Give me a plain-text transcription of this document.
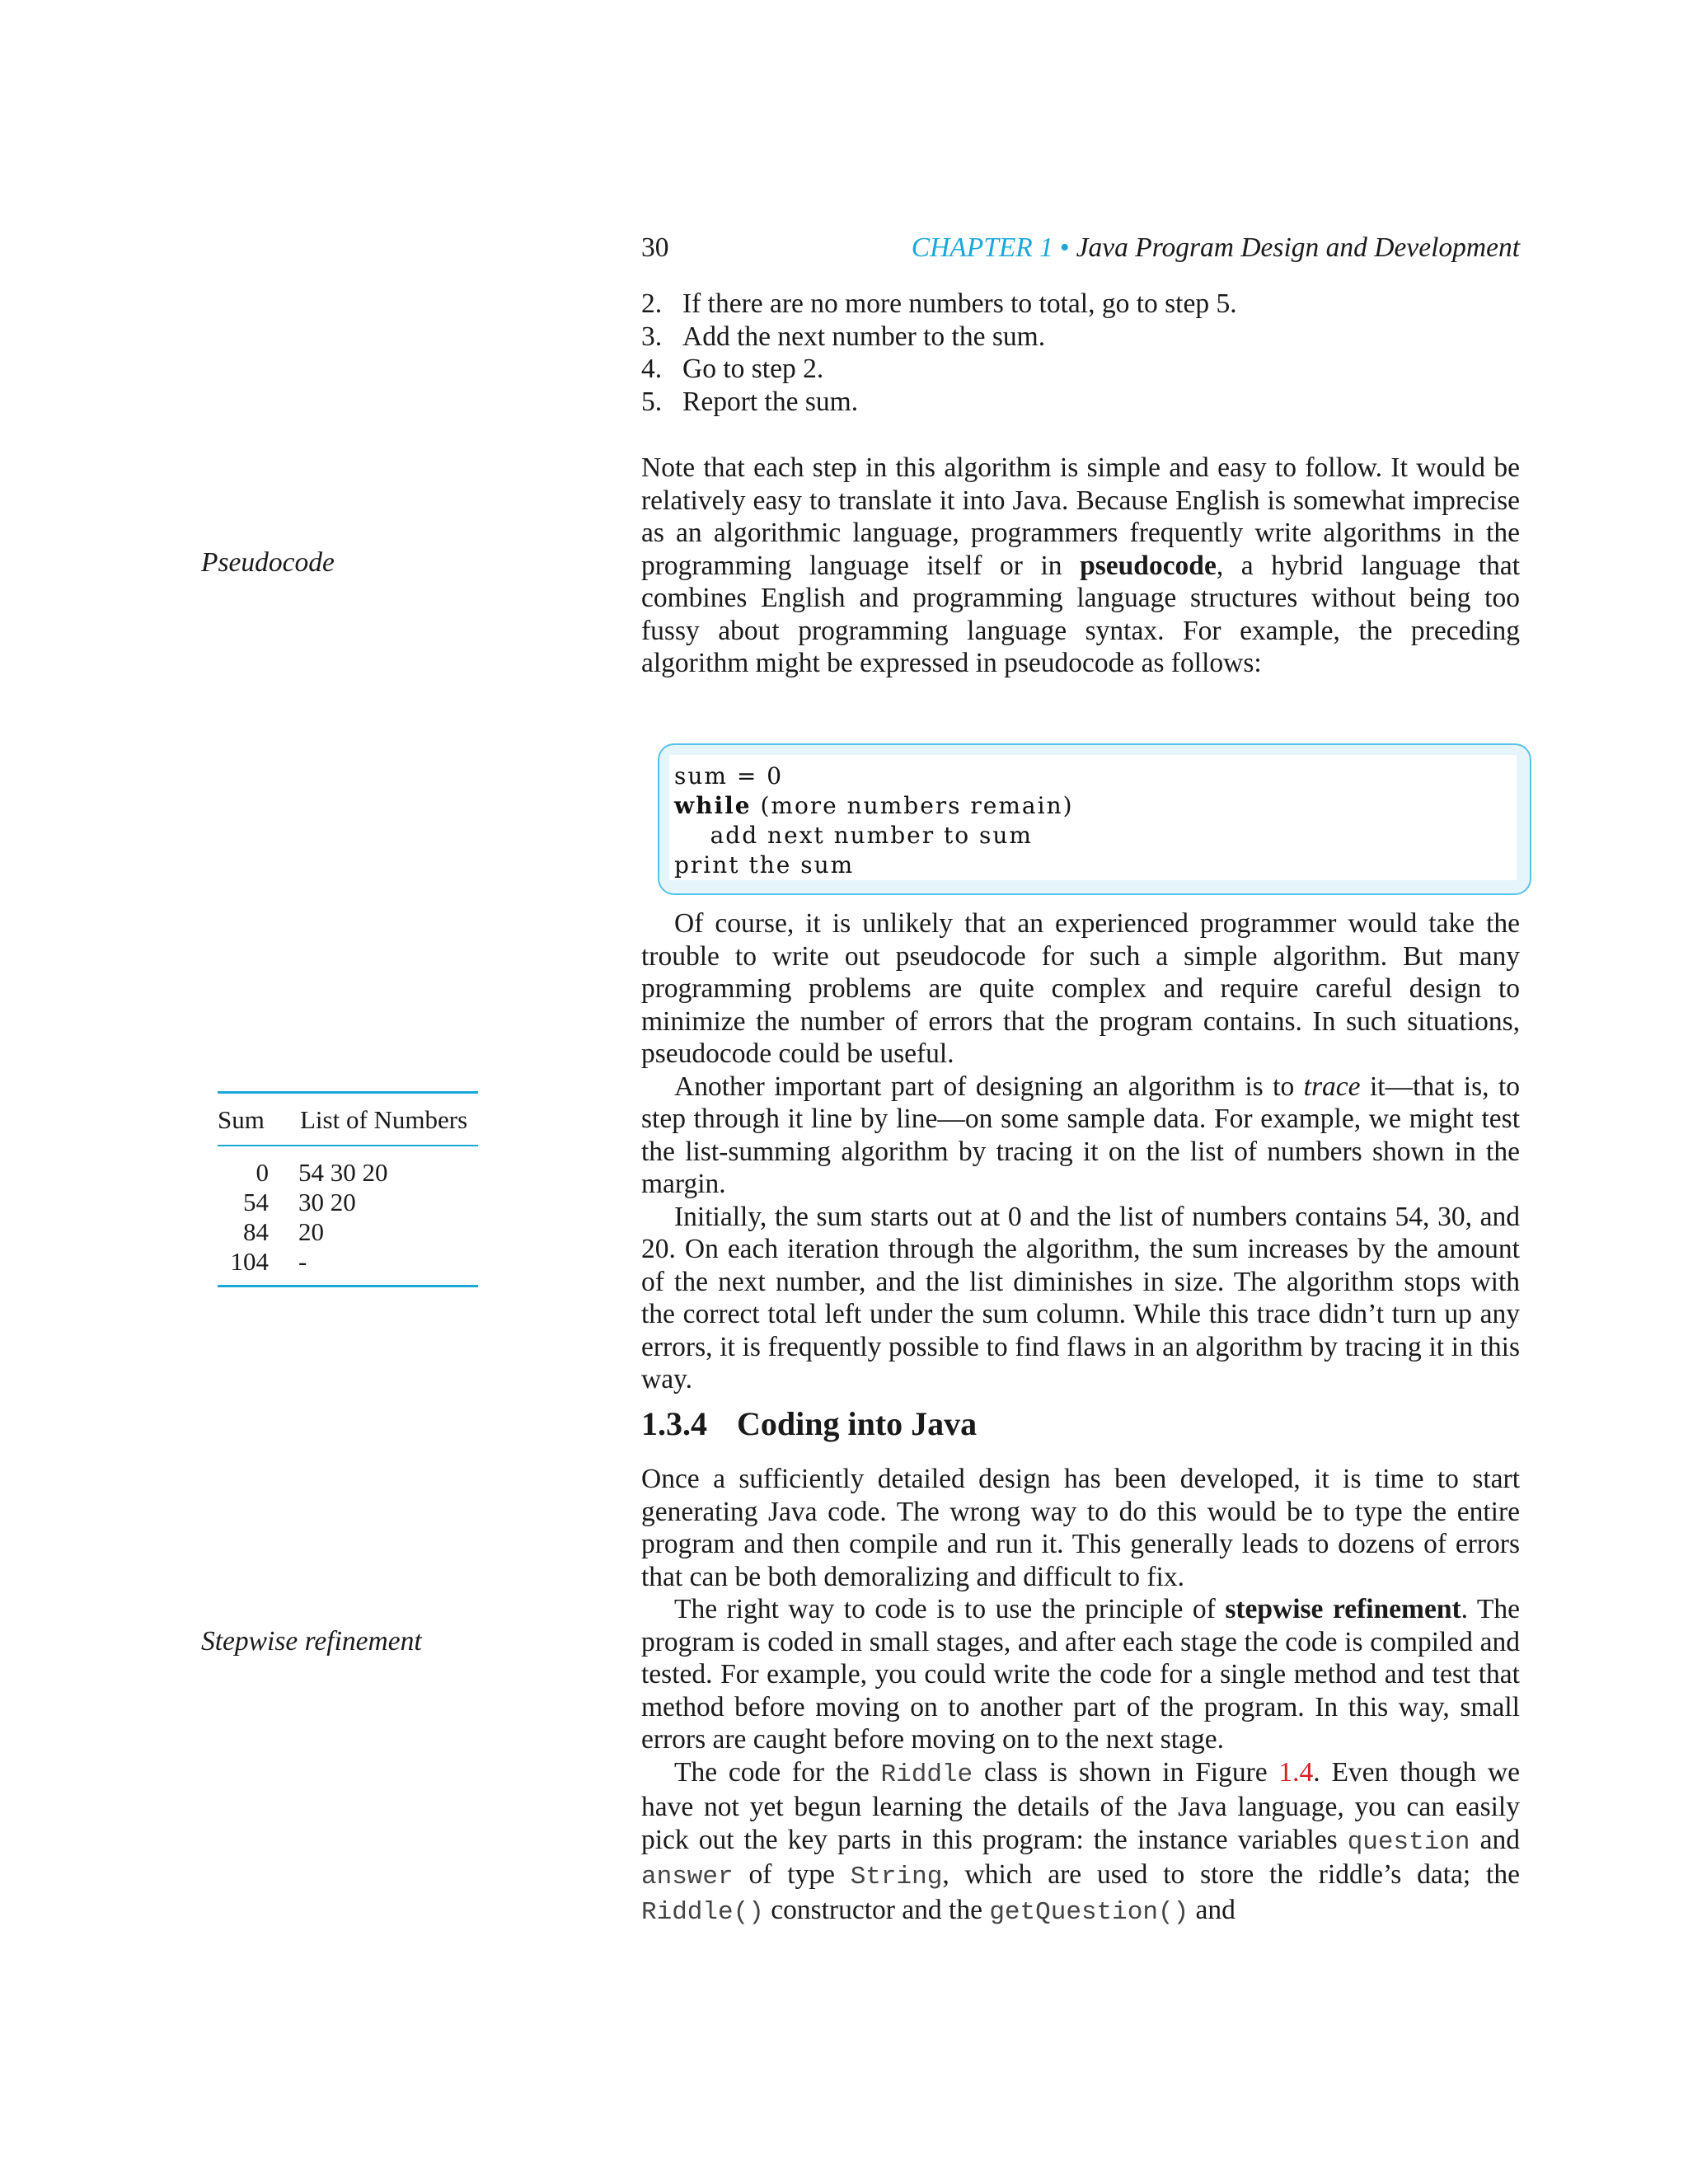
30	CHAPTER 1 • Java Program Design and Development
2. If there are no more numbers to total, go to step 5.
3. Add the next number to the sum.
4. Go to step 2.
5. Report the sum.
Pseudocode
Stepwise refinement

Note that each step in this algorithm is simple and easy to follow. It would be relatively easy to translate it into Java. Because English is somewhat imprecise as an algorithmic language, programmers frequently write algorithms in the programming language itself or in pseudocode, a hybrid language that combines English and programming language structures without being too fussy about programming language syntax. For example, the preceding algorithm might be expressed in pseudocode as follows:

sum = 0
while (more numbers remain)
add next number to sum
print the sum

Of course, it is unlikely that an experienced programmer would take the trouble to write out pseudocode for such a simple algorithm. But many programming problems are quite complex and require careful design to minimize the number of errors that the program contains. In such situations, pseudocode could be useful.

Another important part of designing an algorithm is to trace it—that is, to step through it line by line—on some sample data. For example, we might test the list-summing algorithm by tracing it on the list of numbers shown in the margin.

Initially, the sum starts out at 0 and the list of numbers contains 54, 30, and 20. On each iteration through the algorithm, the sum increases by the amount of the next number, and the list diminishes in size. The algorithm stops with the correct total left under the sum column. While this trace didn’t turn up any errors, it is frequently possible to find flaws in an algorithm by tracing it in this way.

1.3.4 Coding into Java

Once a sufficiently detailed design has been developed, it is time to start generating Java code. The wrong way to do this would be to type the entire program and then compile and run it. This generally leads to dozens of errors that can be both demoralizing and difficult to fix.

The right way to code is to use the principle of stepwise refinement. The program is coded in small stages, and after each stage the code is compiled and tested. For example, you could write the code for a single method and test that method before moving on to another part of the program. In this way, small errors are caught before moving on to the next stage.

The code for the Riddle class is shown in Figure 1.4. Even though we have not yet begun learning the details of the Java language, you can easily pick out the key parts in this program: the instance variables question and answer of type String, which are used to store the riddle’s data; the Riddle() constructor and the getQuestion() and

Sum List of Numbers
0	54 30 20
54	30 20
84	20
104	-
